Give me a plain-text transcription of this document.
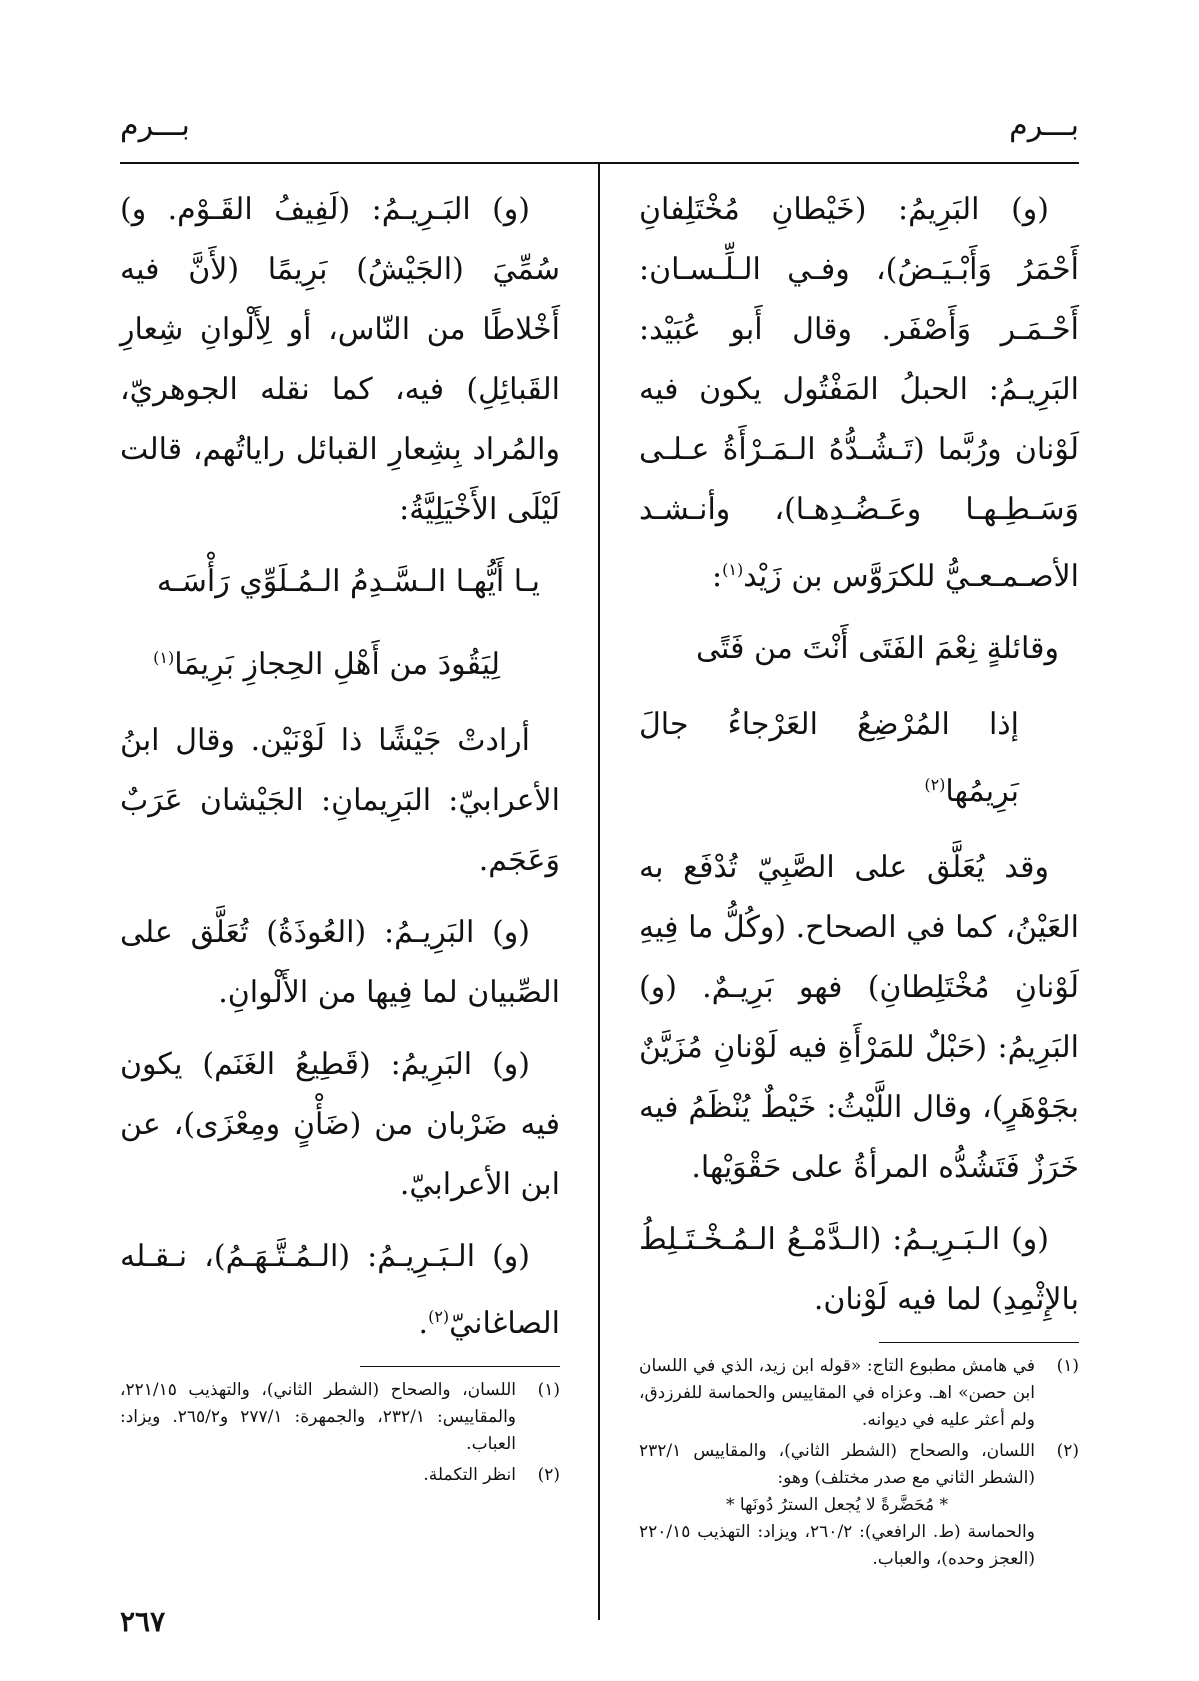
بـــرم
بـــرم

(و) البَرِيمُ: (خَيْطانِ مُخْتَلِفانِ أَحْمَرُ وَأَبْـيَـضُ)، وفـي الـلِّـسـان: أَحْـمَـر وَأَصْفَر. وقال أَبو عُبَيْد: البَرِيـمُ: الحبلُ المَفْتُول يكون فيه لَوْنان ورُبَّما (تَـشُـدُّهُ الـمَـرْأَةُ عـلـى وَسَـطِـهـا وعَـضُـدِهـا)، وأنـشـد الأصـمـعـيُّ للكرَوَّس بن زَيْد$^{(١)}$:

وقائلةٍ نِعْمَ الفَتَى أَنْتَ من فَتًى
إذا المُرْضِعُ العَرْجاءُ جالَ بَرِيمُها$^{(٢)}$

وقد يُعَلَّق على الصَّبِيّ تُدْفَع به العَيْنُ، كما في الصحاح. (وكُلُّ ما فِيهِ لَوْنانِ مُخْتَلِطانِ) فهو بَرِيـمٌ. (و) البَرِيمُ: (حَبْلٌ للمَرْأَةِ فيه لَوْنانِ مُزَيَّنٌ بجَوْهَرٍ)، وقال اللَّيْثُ: خَيْطٌ يُنْظَمُ فيه خَرَزٌ فَتَشُدُّه المرأةُ على حَقْوَيْها.

(و) الـبَـرِيـمُ: (الـدَّمْـعُ الـمُـخْـتَـلِطُ بالإِثْمِدِ) لما فيه لَوْنان.

(١)
في هامش مطبوع التاج: «قوله ابن زيد، الذي في اللسان ابن حصن» اهـ. وعزاه في المقاييس والحماسة للفرزدق، ولم أعثر عليه في ديوانه.
(٢)
اللسان، والصحاح (الشطر الثاني)، والمقاييس ٢٣٢/١ (الشطر الثاني مع صدر مختلف) وهو:
* مُحَضَّرةً لا يُجعل السترُ دُونَها *
والحماسة (ط. الرافعي): ٢٦٠/٢، ويزاد: التهذيب ٢٢٠/١٥ (العجز وحده)، والعباب.

(و) البَـرِيـمُ: (لَفِيفُ القَـوْم. و) سُمِّيَ (الجَيْشُ) بَرِيمًا (لأَنَّ فيه أَخْلاطًا من النّاس، أو لِأَلْوانِ شِعارِ القَبائِلِ) فيه، كما نقله الجوهريّ، والمُراد بِشِعارِ القبائل راياتُهم، قالت لَيْلَى الأَخْيَلِيَّةُ:

يـا أَيُّهـا الـسَّـدِمُ الـمُـلَوِّي رَأْسَـه
لِيَقُودَ من أَهْلِ الحِجازِ بَرِيمَا$^{(١)}$

أرادتْ جَيْشًا ذا لَوْنَيْن. وقال ابنُ الأعرابيّ: البَرِيمانِ: الجَيْشان عَرَبٌ وَعَجَم.

(و) البَرِيـمُ: (العُوذَةُ) تُعَلَّق على الصِّبيان لما فِيها من الأَلْوانِ.

(و) البَرِيمُ: (قَطِيعُ الغَنَم) يكون فيه ضَرْبان من (ضَأْنٍ ومِعْزَى)، عن ابن الأعرابيّ.

(و) الـبَـرِيـمُ: (الـمُـتَّـهَـمُ)، نـقـله الصاغانيّ$^{(٢)}$.

(١)
اللسان، والصحاح (الشطر الثاني)، والتهذيب ٢٢١/١٥، والمقاييس: ٢٣٢/١، والجمهرة: ٢٧٧/١ و٢٦٥/٢. ويزاد: العباب.
(٢)
انظر التكملة.
٢٦٧
